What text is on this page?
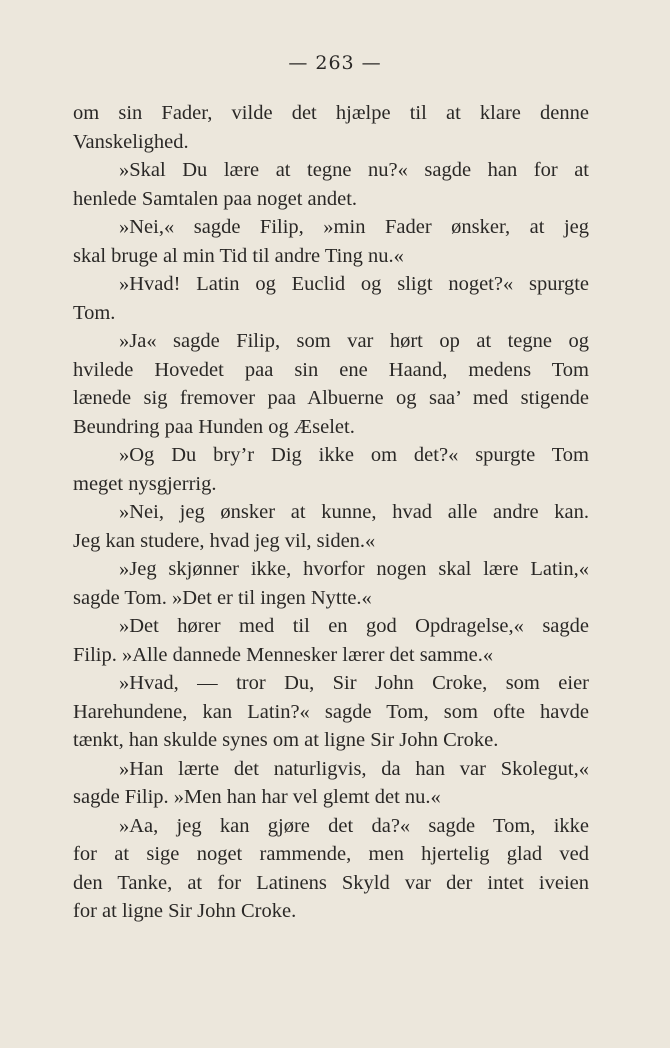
— 263 —
om sin Fader, vilde det hjælpe til at klare denne
Vanskelighed.
»Skal Du lære at tegne nu?« sagde han for at
henlede Samtalen paa noget andet.
»Nei,« sagde Filip, »min Fader ønsker, at jeg
skal bruge al min Tid til andre Ting nu.«
»Hvad! Latin og Euclid og sligt noget?« spurgte
Tom.
»Ja« sagde Filip, som var hørt op at tegne og
hvilede Hovedet paa sin ene Haand, medens Tom
lænede sig fremover paa Albuerne og saa’ med stigende
Beundring paa Hunden og Æselet.
»Og Du bry’r Dig ikke om det?« spurgte Tom
meget nysgjerrig.
»Nei, jeg ønsker at kunne, hvad alle andre kan.
Jeg kan studere, hvad jeg vil, siden.«
»Jeg skjønner ikke, hvorfor nogen skal lære Latin,«
sagde Tom. »Det er til ingen Nytte.«
»Det hører med til en god Opdragelse,« sagde
Filip. »Alle dannede Mennesker lærer det samme.«
»Hvad, — tror Du, Sir John Croke, som eier
Harehundene, kan Latin?« sagde Tom, som ofte havde
tænkt, han skulde synes om at ligne Sir John Croke.
»Han lærte det naturligvis, da han var Skolegut,«
sagde Filip. »Men han har vel glemt det nu.«
»Aa, jeg kan gjøre det da?« sagde Tom, ikke
for at sige noget rammende, men hjertelig glad ved
den Tanke, at for Latinens Skyld var der intet iveien
for at ligne Sir John Croke.
